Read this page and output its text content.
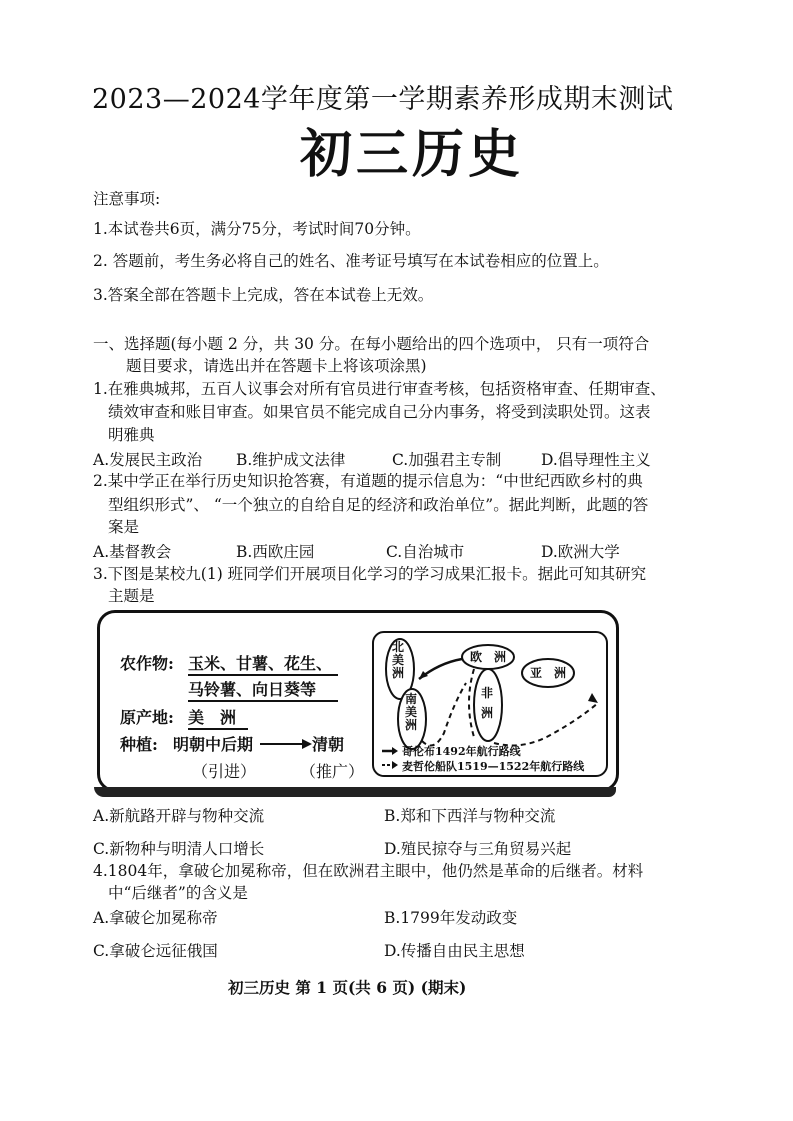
2023—2024学年度第一学期素养形成期末测试
初三历史
注意事项:
1.本试卷共6页，满分75分，考试时间70分钟。
2. 答题前，考生务必将自己的姓名、准考证号填写在本试卷相应的位置上。
3.答案全部在答题卡上完成，答在本试卷上无效。
一、选择题(每小题 2 分，共 30 分。在每小题给出的四个选项中， 只有一项符合
题目要求，请选出并在答题卡上将该项涂黑)
1.在雅典城邦，五百人议事会对所有官员进行审查考核，包括资格审查、任期审查、
绩效审查和账目审查。如果官员不能完成自己分内事务，将受到渎职处罚。这表
明雅典
A.发展民主政治 B.维护成文法律	C.加强君主专制	D.倡导理性主义
2.某中学正在举行历史知识抢答赛，有道题的提示信息为：“中世纪西欧乡村的典
型组织形式”、 “一个独立的自给自足的经济和政治单位”。据此判断，此题的答
案是
A.基督教会	B.西欧庄园	C.自治城市	D.欧洲大学
3.下图是某校九(1) 班同学们开展项目化学习的学习成果汇报卡。据此可知其研究
主题是
农作物: 玉米、甘薯、花生、
马铃薯、向日葵等
原产地: 美　洲
种植: 明朝中后期	清朝
（引进）	（推广）
北美洲
南美洲
欧　洲
非洲
亚　洲
哥伦布1492年航行路线
麦哲伦船队1519—1522年航行路线
A.新航路开辟与物种交流	B.郑和下西洋与物种交流
C.新物种与明清人口增长	D.殖民掠夺与三角贸易兴起
4.1804年，拿破仑加冕称帝，但在欧洲君主眼中，他仍然是革命的后继者。材料
中“后继者”的含义是
A.拿破仑加冕称帝	B.1799年发动政变
C.拿破仑远征俄国	D.传播自由民主思想
初三历史 第 1 页(共 6 页) (期末)
